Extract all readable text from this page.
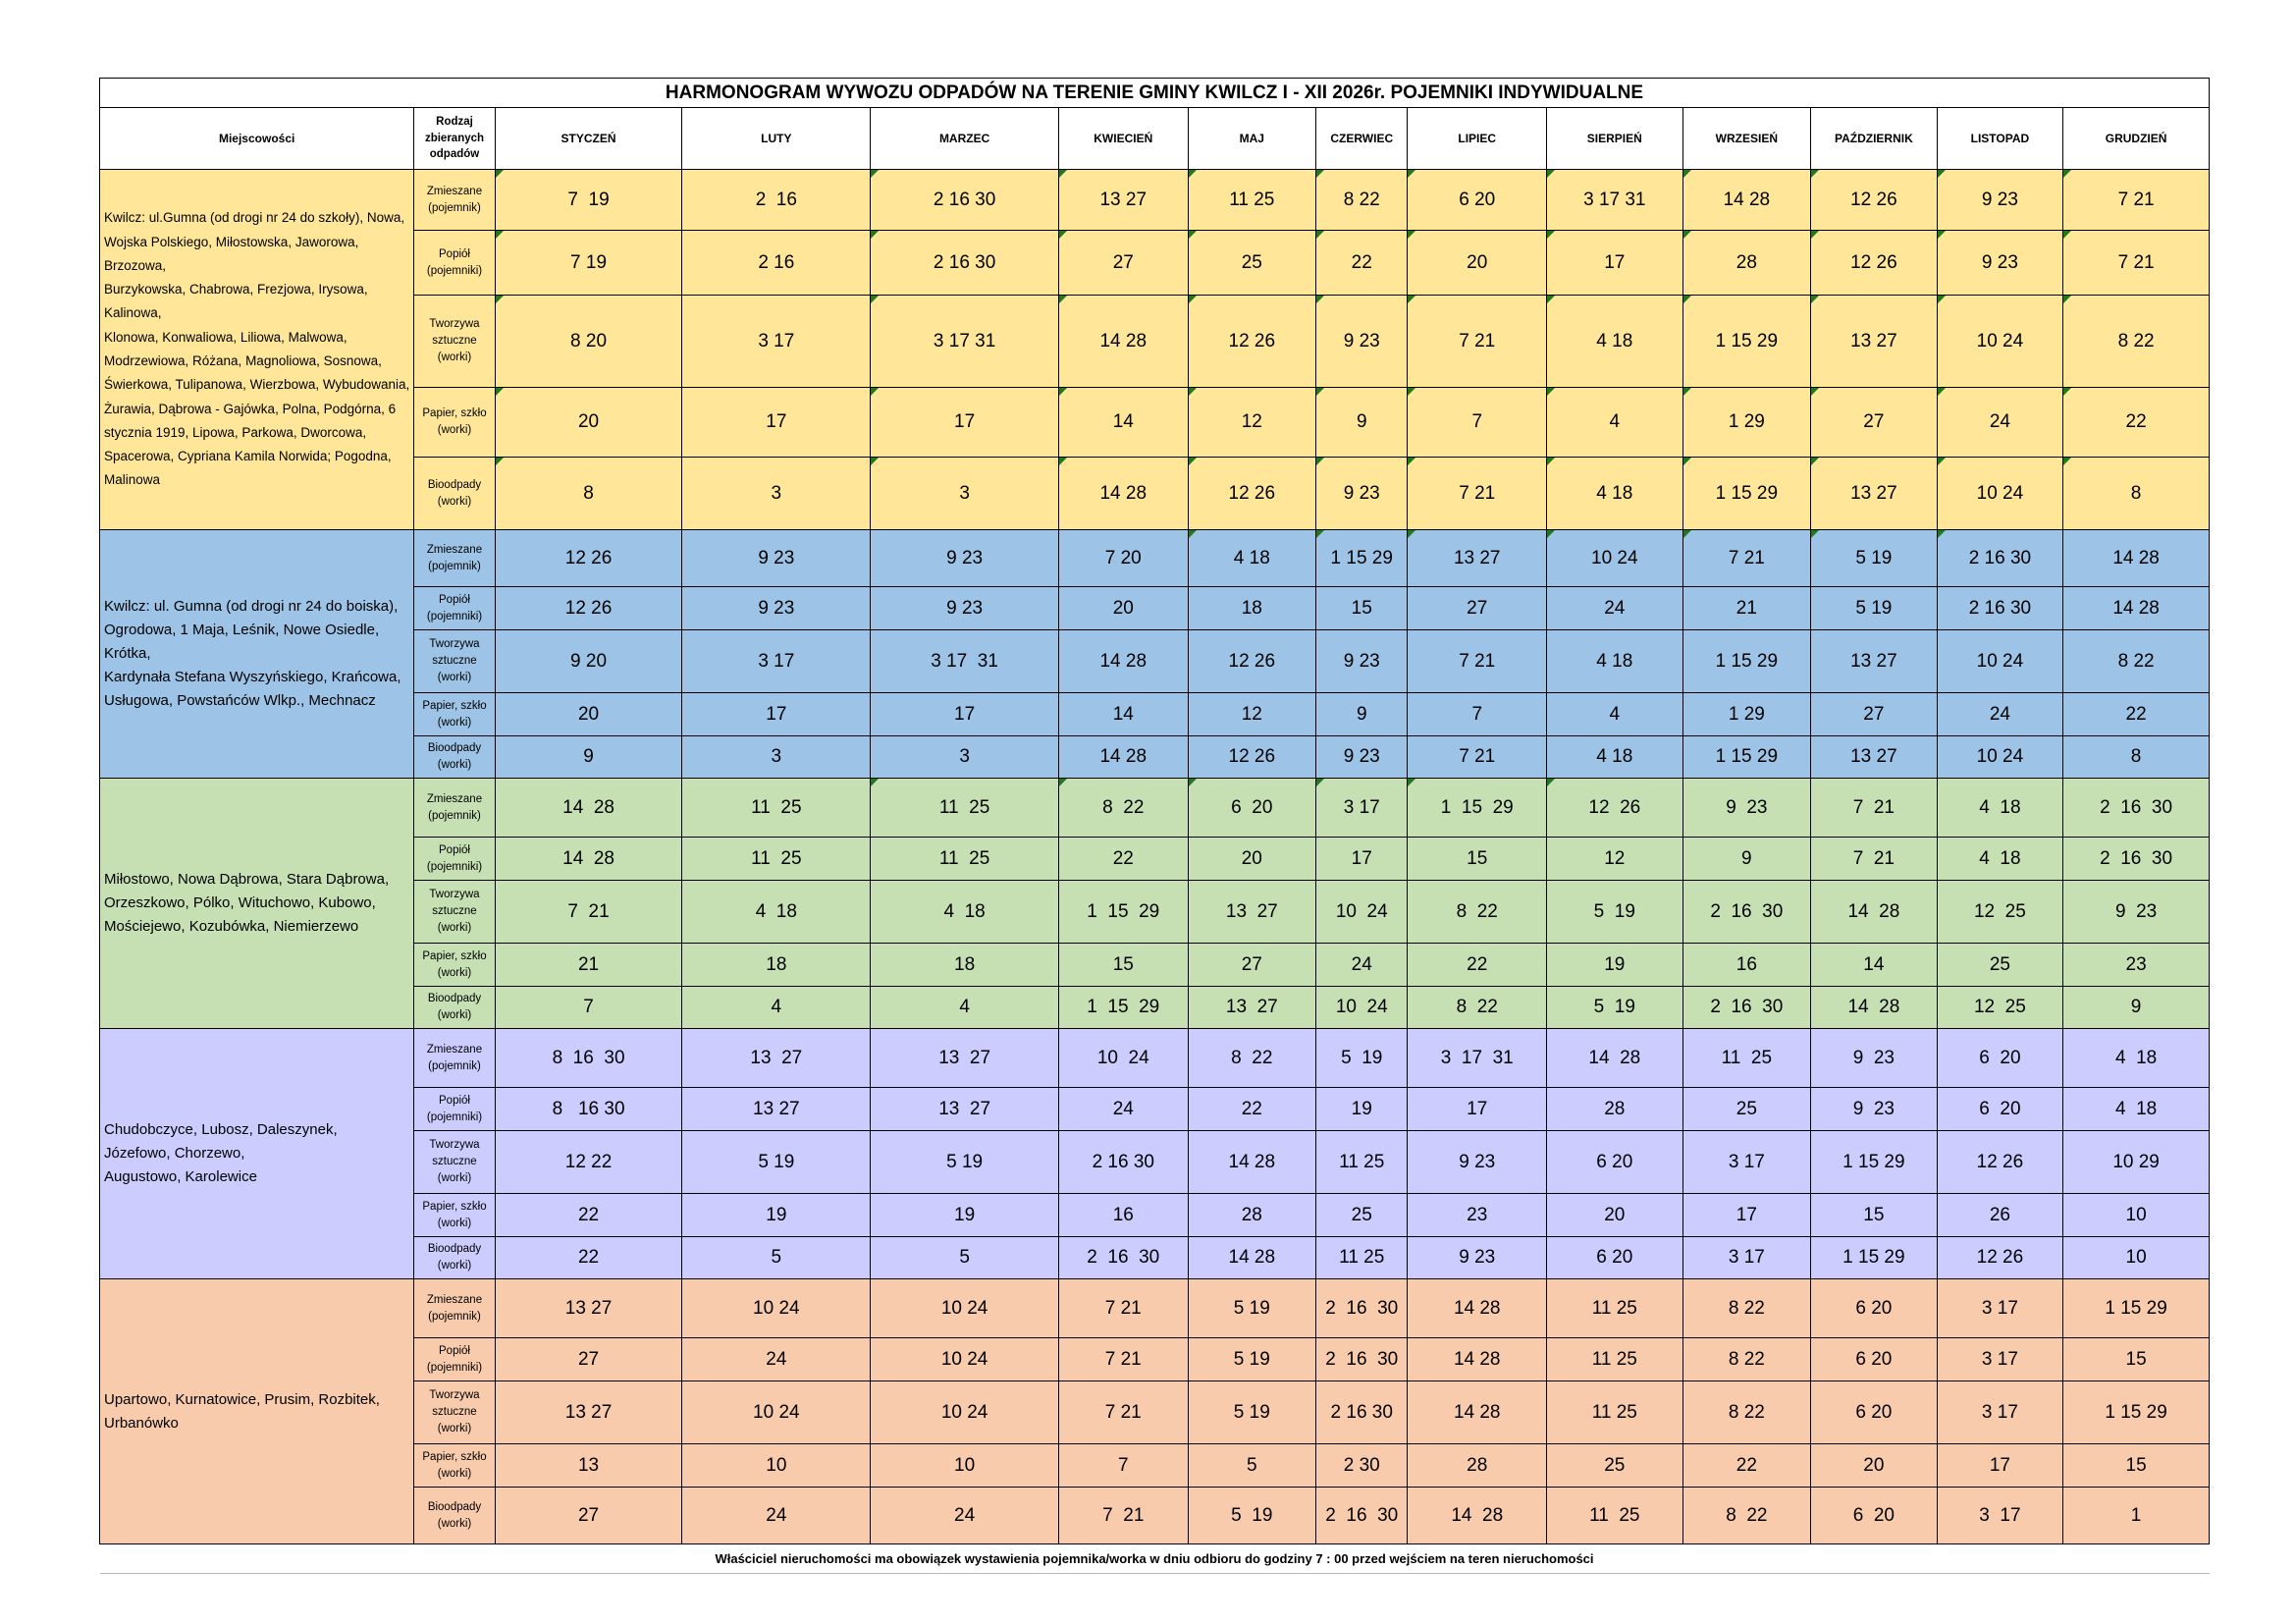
HARMONOGRAM WYWOZU ODPADÓW NA TERENIE GMINY KWILCZ I - XII 2026r. POJEMNIKI INDYWIDUALNE													
Miejscowości	Rodzaj zbieranych odpadów	STYCZEŃ	LUTY	MARZEC	KWIECIEŃ	MAJ	CZERWIEC	LIPIEC	SIERPIEŃ	WRZESIEŃ	PAŹDZIERNIK	LISTOPAD	GRUDZIEŃ
Kwilcz: ul.Gumna (od drogi nr 24 do szkoły), Nowa,
Wojska Polskiego, Miłostowska, Jaworowa, Brzozowa,
Burzykowska, Chabrowa, Frezjowa, Irysowa, Kalinowa,
Klonowa, Konwaliowa, Liliowa, Malwowa, Modrzewiowa, Różana, Magnoliowa, Sosnowa, Świerkowa, Tulipanowa, Wierzbowa, Wybudowania, Żurawia, Dąbrowa - Gajówka, Polna, Podgórna, 6 stycznia 1919, Lipowa, Parkowa, Dworcowa, Spacerowa, Cypriana Kamila Norwida; Pogodna, Malinowa	Zmieszane
(pojemnik)	7  19	2  16	2 16 30	13 27	11 25	8 22	6 20	3 17 31	14 28	12 26	9 23	7 21
	Popiół
(pojemniki)	7 19	2 16	2 16 30	27	25	22	20	17	28	12 26	9 23	7 21
	Tworzywa
sztuczne
(worki)	8 20	3 17	3 17 31	14 28	12 26	9 23	7 21	4 18	1 15 29	13 27	10 24	8 22
	Papier, szkło
(worki)	20	17	17	14	12	9	7	4	1 29	27	24	22
	Bioodpady
(worki)	8	3	3	14 28	12 26	9 23	7 21	4 18	1 15 29	13 27	10 24	8
Kwilcz: ul. Gumna (od drogi nr 24 do boiska),
Ogrodowa, 1 Maja, Leśnik, Nowe Osiedle, Krótka,
Kardynała Stefana Wyszyńskiego, Krańcowa,
Usługowa, Powstańców Wlkp., Mechnacz	Zmieszane
(pojemnik)	12 26	9 23	9 23	7 20	4 18	1 15 29	13 27	10 24	7 21	5 19	2 16 30	14 28
	Popiół
(pojemniki)	12 26	9 23	9 23	20	18	15	27	24	21	5 19	2 16 30	14 28
	Tworzywa
sztuczne
(worki)	9 20	3 17	3 17  31	14 28	12 26	9 23	7 21	4 18	1 15 29	13 27	10 24	8 22
	Papier, szkło
(worki)	20	17	17	14	12	9	7	4	1 29	27	24	22
	Bioodpady
(worki)	9	3	3	14 28	12 26	9 23	7 21	4 18	1 15 29	13 27	10 24	8
Miłostowo, Nowa Dąbrowa, Stara Dąbrowa,
Orzeszkowo, Pólko, Wituchowo, Kubowo,
Mościejewo, Kozubówka, Niemierzewo	Zmieszane
(pojemnik)	14  28	11  25	11  25	8  22	6  20	3 17	1  15  29	12  26	9  23	7  21	4  18	2  16  30
	Popiół
(pojemniki)	14  28	11  25	11  25	22	20	17	15	12	9	7  21	4  18	2  16  30
	Tworzywa
sztuczne
(worki)	7  21	4  18	4  18	1  15  29	13  27	10  24	8  22	5  19	2  16  30	14  28	12  25	9  23
	Papier, szkło
(worki)	21	18	18	15	27	24	22	19	16	14	25	23
	Bioodpady
(worki)	7	4	4	1  15  29	13  27	10  24	8  22	5  19	2  16  30	14  28	12  25	9
Chudobczyce, Lubosz, Daleszynek,
Józefowo, Chorzewo,
Augustowo, Karolewice	Zmieszane
(pojemnik)	8  16  30	13  27	13  27	10  24	8  22	5  19	3  17  31	14  28	11  25	9  23	6  20	4  18
	Popiół
(pojemniki)	8   16 30	13 27	13  27	24	22	19	17	28	25	9  23	6  20	4  18
	Tworzywa
sztuczne
(worki)	12 22	5 19	5 19	2 16 30	14 28	11 25	9 23	6 20	3 17	1 15 29	12 26	10 29
	Papier, szkło
(worki)	22	19	19	16	28	25	23	20	17	15	26	10
	Bioodpady
(worki)	22	5	5	2  16  30	14 28	11 25	9 23	6 20	3 17	1 15 29	12 26	10
Upartowo, Kurnatowice, Prusim, Rozbitek,
Urbanówko	Zmieszane
(pojemnik)	13 27	10 24	10 24	7 21	5 19	2  16  30	14 28	11 25	8 22	6 20	3 17	1 15 29
	Popiół
(pojemniki)	27	24	10 24	7 21	5 19	2  16  30	14 28	11 25	8 22	6 20	3 17	15
	Tworzywa
sztuczne
(worki)	13 27	10 24	10 24	7 21	5 19	2 16 30	14 28	11 25	8 22	6 20	3 17	1 15 29
	Papier, szkło
(worki)	13	10	10	7	5	2 30	28	25	22	20	17	15
	Bioodpady
(worki)	27	24	24	7  21	5  19	2  16  30	14  28	11  25	8  22	6  20	3  17	1
Właściciel nieruchomości ma obowiązek wystawienia pojemnika/worka w dniu odbioru do godziny 7 : 00 przed wejściem na teren nieruchomości													
